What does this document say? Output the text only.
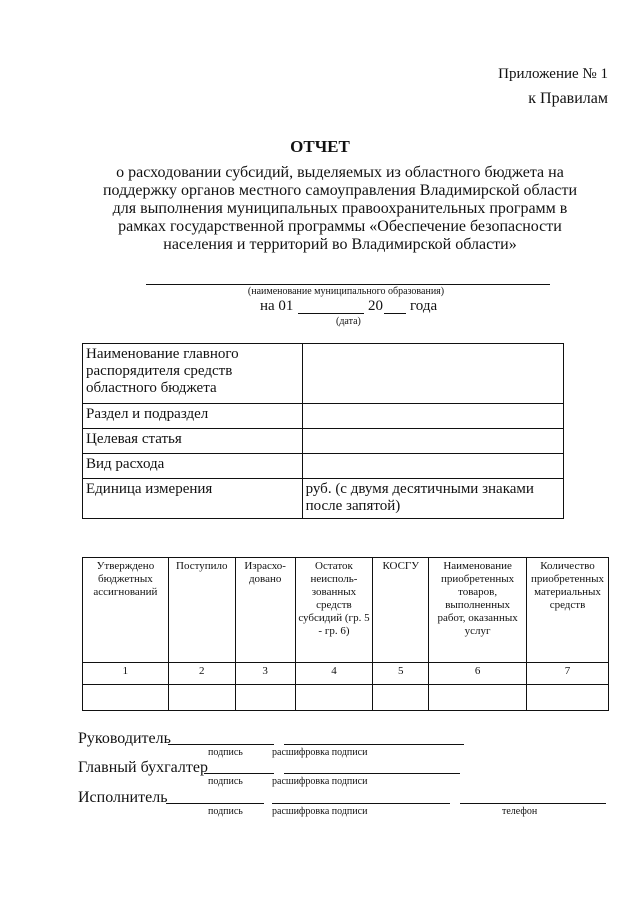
Приложение № 1
к Правилам
ОТЧЕТ
о расходовании субсидий, выделяемых из областного бюджета на поддержку органов местного самоуправления Владимирской области для выполнения муниципальных правоохранительных программ в рамках государственной программы «Обеспечение безопасности населения и территорий во Владимирской области»
(наименование муниципального образования)
на 01	20 года
(дата)
Наименование главного распорядителя средств областного бюджета	
Раздел и подраздел	
Целевая статья	
Вид расхода	
Единица измерения	руб. (с двумя десятичными знаками после запятой)
Утверждено бюджетных ассигнований	Поступило	Израсхо-довано	Остаток неисполь-зованных средств субсидий (гр. 5 - гр. 6)	КОСГУ	Наименование приобретенных товаров, выполненных работ, оказанных услуг	Количество приобретенных материальных средств
1	2	3	4	5	6	7

Руководитель
подпись	расшифровка подписи
Главный бухгалтер
подпись	расшифровка подписи
Исполнитель
подпись	расшифровка подписи	телефон
